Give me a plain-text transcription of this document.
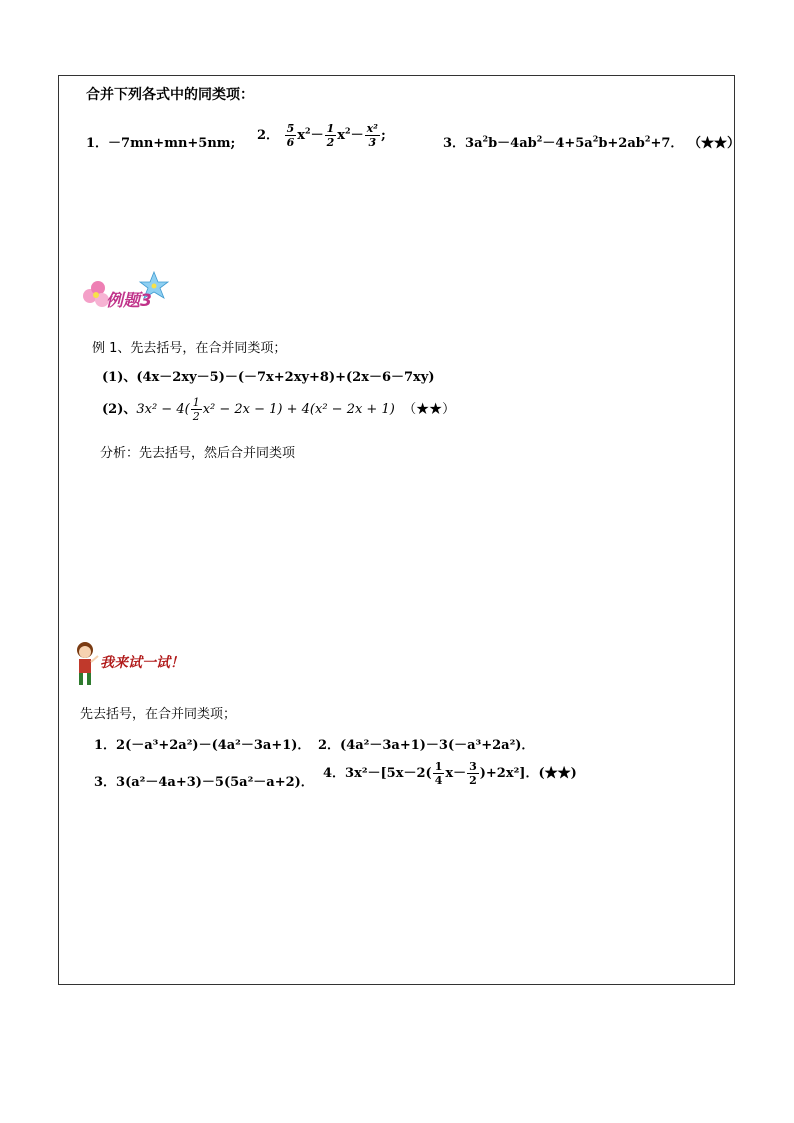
合并下列各式中的同类项：
1．－7mn+mn+5nm;
2． $\frac{5}{6} x^2- \frac{1}{2} x^2- \frac{\text{x²}}{3}$ ;
3．$3a^2b-4ab^2-4+5a^2b+2ab^2+7$． （★★）
例题3
例 1、先去括号，在合并同类项；
(1)、(4x－2xy－5)－(－7x+2xy+8)+(2x－6－7xy)
(2)、$3x^2 - 4( \frac{1}{2} x^2 - 2x - 1) + 4(x^2 - 2x + 1)$ （★★）
分析：先去括号，然后合并同类项
我来试一试！
先去括号，在合并同类项；
1．2(－a³+2a²)－(4a²－3a+1)． 2．(4a²－3a+1)－3(－a³+2a²)．
3．3(a²－4a+3)－5(5a²－a+2)．
4．$3x^2-[5x-2( \frac{1}{4} x- \frac{3}{2} )+2x^2]$．(★★)
